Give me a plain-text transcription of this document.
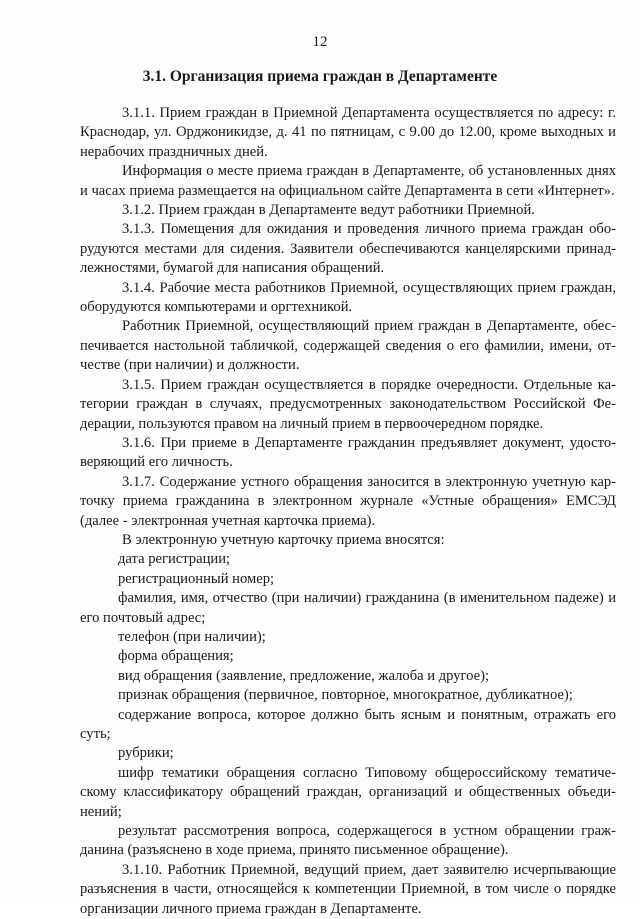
12
3.1. Организация приема граждан в Департаменте

3.1.1. Прием граждан в Приемной Департамента осуществляется по адресу: г. Краснодар, ул. Орджоникидзе, д. 41 по пятницам, с 9.00 до 12.00, кроме выходных и нерабочих праздничных дней.

Информация о месте приема граждан в Департаменте, об установленных днях и часах приема размещается на официальном сайте Департамента в сети «Интернет».

3.1.2. Прием граждан в Департаменте ведут работники Приемной.

3.1.3. Помещения для ожидания и проведения личного приема граждан оборудуются местами для сидения. Заявители обеспечиваются канцелярскими принадлежностями, бумагой для написания обращений.

3.1.4. Рабочие места работников Приемной, осуществляющих прием граждан, оборудуются компьютерами и оргтехникой.

Работник Приемной, осуществляющий прием граждан в Департаменте, обеспечивается настольной табличкой, содержащей сведения о его фамилии, имени, отчестве (при наличии) и должности.

3.1.5. Прием граждан осуществляется в порядке очередности. Отдельные категории граждан в случаях, предусмотренных законодательством Российской Федерации, пользуются правом на личный прием в первоочередном порядке.

3.1.6. При приеме в Департаменте гражданин предъявляет документ, удостоверяющий его личность.

3.1.7. Содержание устного обращения заносится в электронную учетную карточку приема гражданина в электронном журнале «Устные обращения» ЕМСЭД (далее - электронная учетная карточка приема).

В электронную учетную карточку приема вносятся:

дата регистрации;

регистрационный номер;

фамилия, имя, отчество (при наличии) гражданина (в именительном падеже) и его почтовый адрес;

телефон (при наличии);

форма обращения;

вид обращения (заявление, предложение, жалоба и другое);

признак обращения (первичное, повторное, многократное, дубликатное);

содержание вопроса, которое должно быть ясным и понятным, отражать его суть;

рубрики;

шифр тематики обращения согласно Типовому общероссийскому тематическому классификатору обращений граждан, организаций и общественных объединений;

результат рассмотрения вопроса, содержащегося в устном обращении гражданина (разъяснено в ходе приема, принято письменное обращение).

3.1.10. Работник Приемной, ведущий прием, дает заявителю исчерпывающие разъяснения в части, относящейся к компетенции Приемной, в том числе о порядке организации личного приема граждан в Департаменте.
